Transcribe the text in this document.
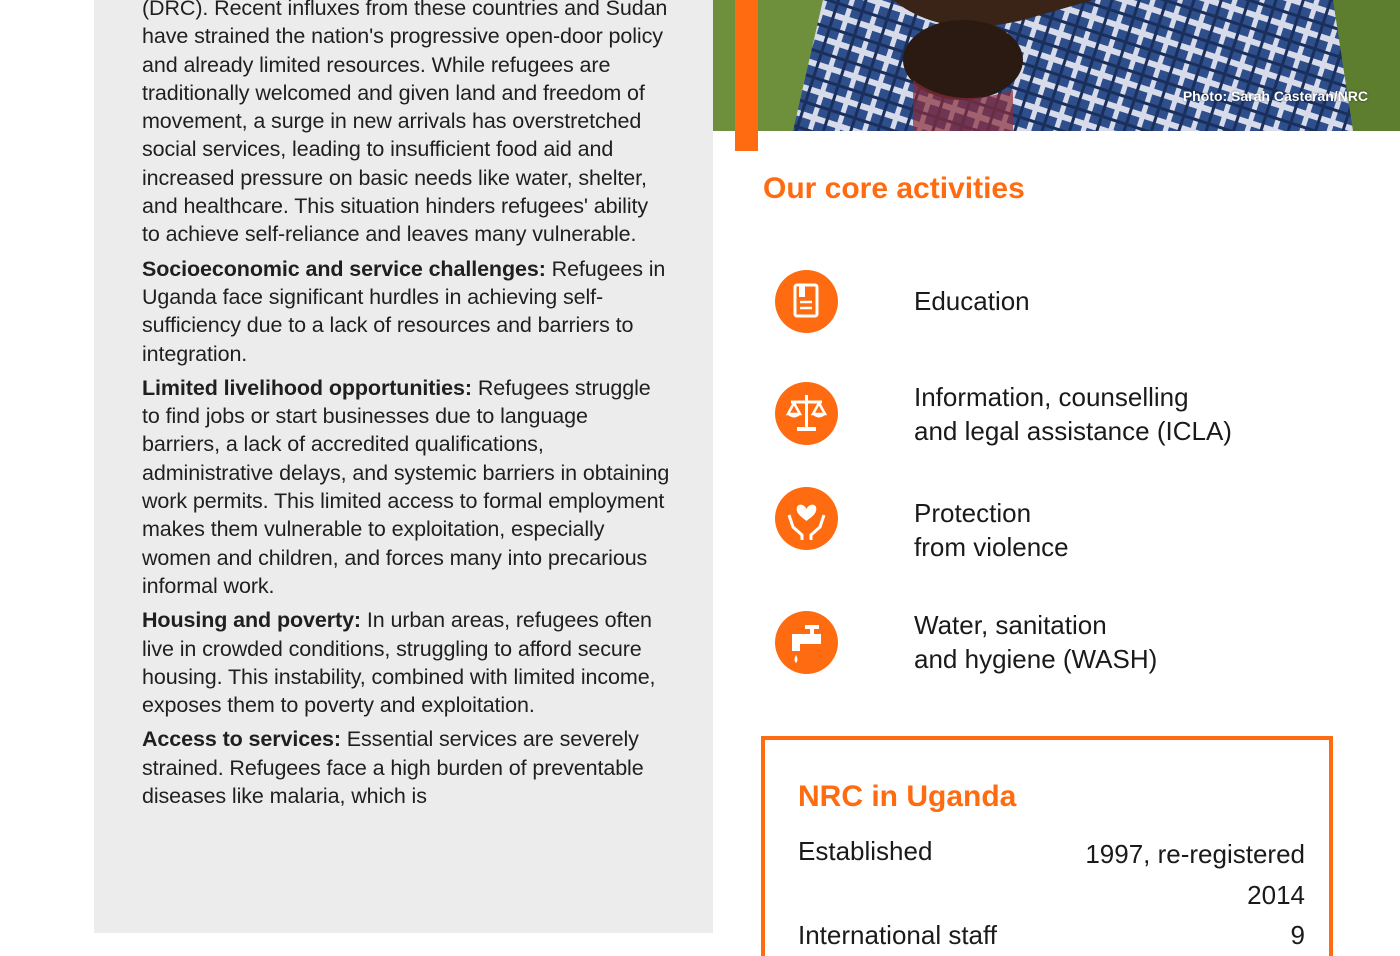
(DRC). Recent influxes from these countries and Sudan have strained the nation's progressive open-door policy and already limited resources. While refugees are traditionally welcomed and given land and freedom of movement, a surge in new arrivals has overstretched social services, leading to insufficient food aid and increased pressure on basic needs like water, shelter, and healthcare. This situation hinders refugees' ability to achieve self-reliance and leaves many vulnerable.

Socioeconomic and service challenges: Refugees in Uganda face significant hurdles in achieving self-sufficiency due to a lack of resources and barriers to integration.

Limited livelihood opportunities: Refugees struggle to find jobs or start businesses due to language barriers, a lack of accredited qualifications, administrative delays, and systemic barriers in obtaining work permits. This limited access to formal employment makes them vulnerable to exploitation, especially women and children, and forces many into precarious informal work.

Housing and poverty: In urban areas, refugees often live in crowded conditions, struggling to afford secure housing. This instability, combined with limited income, exposes them to poverty and exploitation.

Access to services: Essential services are severely strained. Refugees face a high burden of preventable diseases like malaria, which is

Photo: Sarah Casteran/NRC
Our core activities
Education
Information, counselling
and legal assistance (ICLA)
Protection
from violence
Water, sanitation
and hygiene (WASH)
NRC in Uganda
Established	1997, re-registered
2014
International staff	9
